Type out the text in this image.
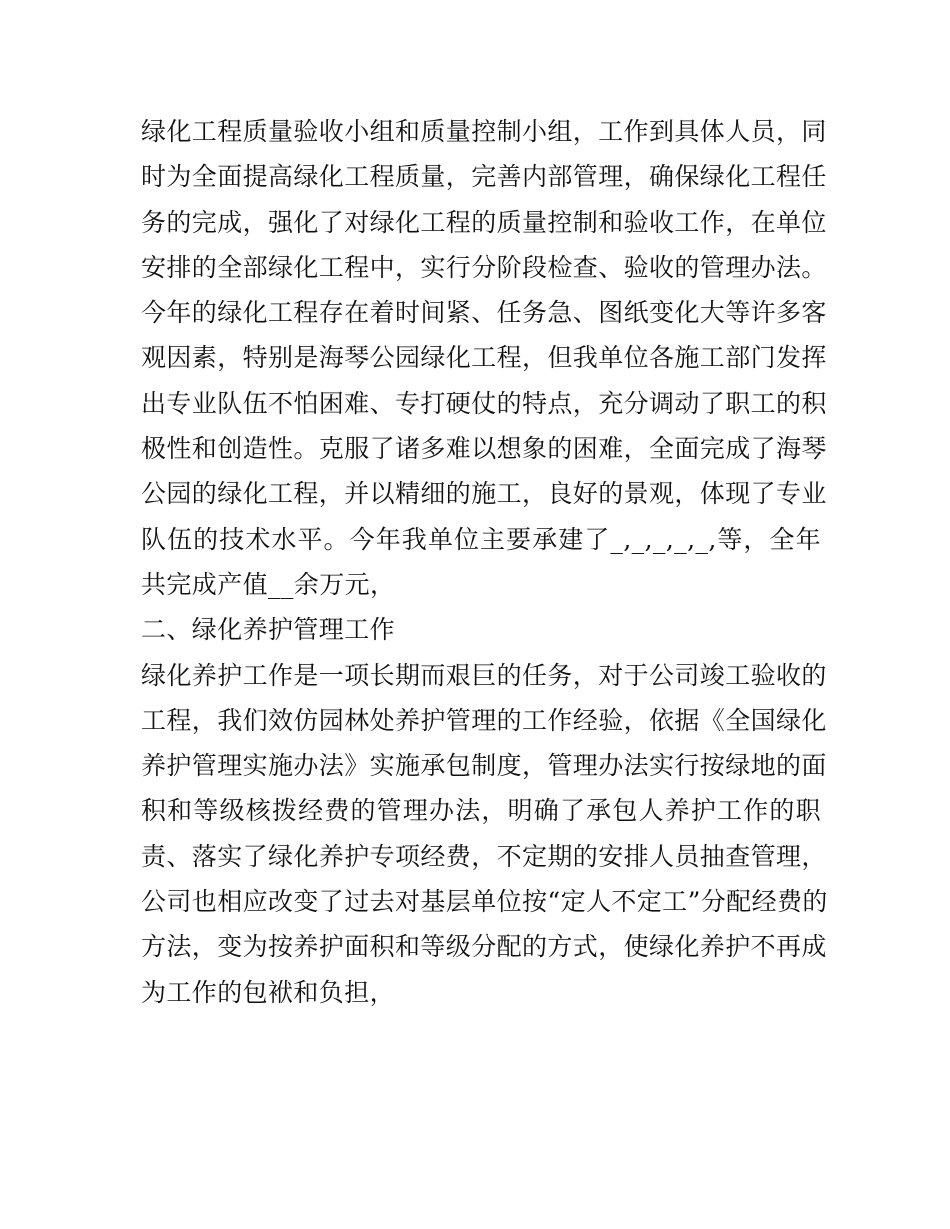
绿化工程质量验收小组和质量控制小组，工作到具体人员，同
时为全面提高绿化工程质量，完善内部管理，确保绿化工程任
务的完成，强化了对绿化工程的质量控制和验收工作，在单位
安排的全部绿化工程中，实行分阶段检查、验收的管理办法。
今年的绿化工程存在着时间紧、任务急、图纸变化大等许多客
观因素，特别是海琴公园绿化工程，但我单位各施工部门发挥
出专业队伍不怕困难、专打硬仗的特点，充分调动了职工的积
极性和创造性。克服了诸多难以想象的困难，全面完成了海琴
公园的绿化工程，并以精细的施工，良好的景观，体现了专业
队伍的技术水平。今年我单位主要承建了_,_,_,_,_,等，全年
共完成产值__余万元，
二、绿化养护管理工作
绿化养护工作是一项长期而艰巨的任务，对于公司竣工验收的
工程，我们效仿园林处养护管理的工作经验，依据《全国绿化
养护管理实施办法》实施承包制度，管理办法实行按绿地的面
积和等级核拨经费的管理办法，明确了承包人养护工作的职
责、落实了绿化养护专项经费，不定期的安排人员抽查管理，
公司也相应改变了过去对基层单位按“定人不定工”分配经费的
方法，变为按养护面积和等级分配的方式，使绿化养护不再成
为工作的包袱和负担，
